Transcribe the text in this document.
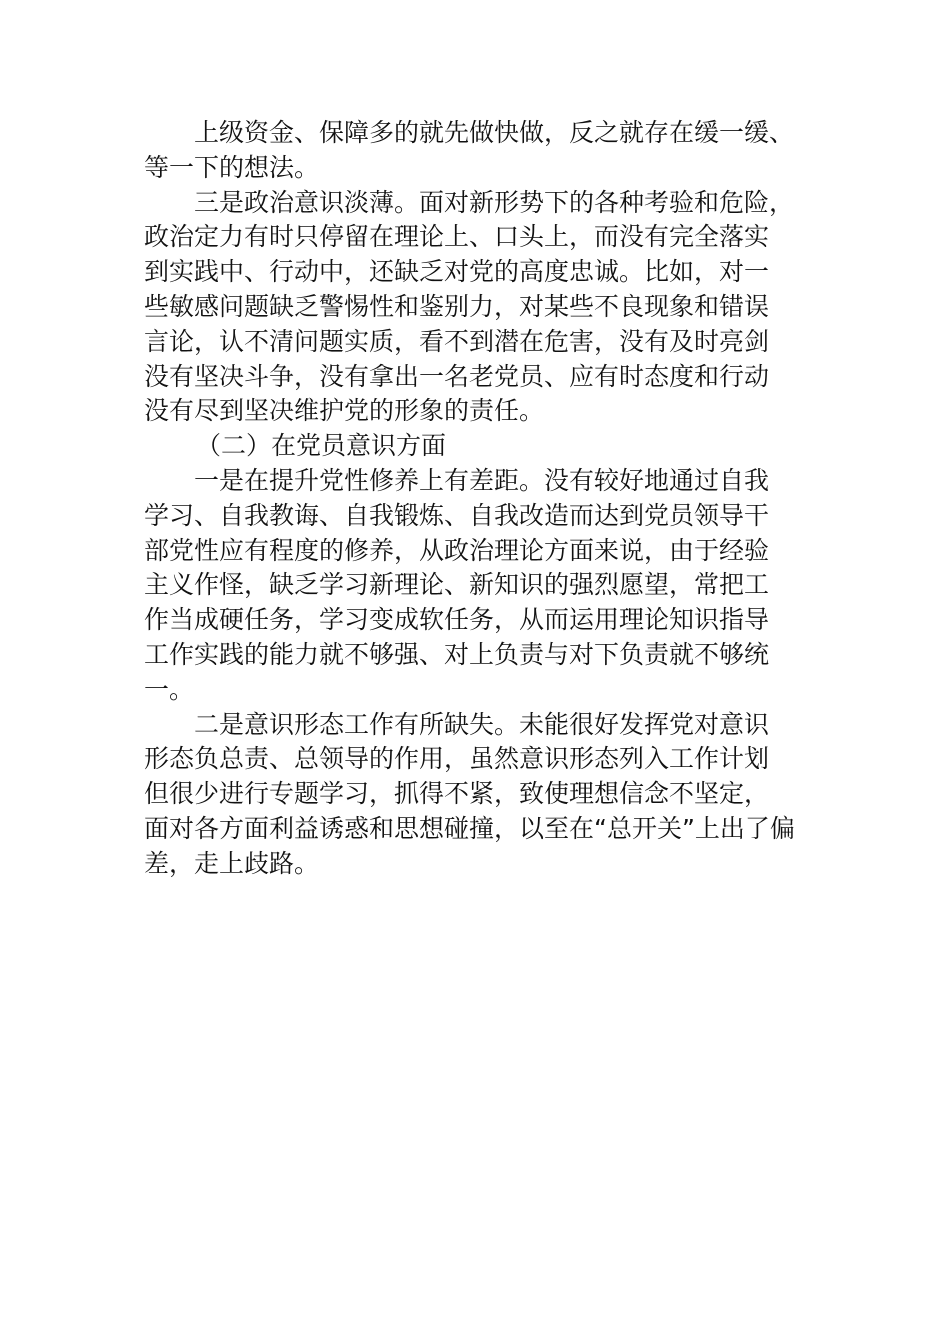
上级资金、保障多的就先做快做，反之就存在缓一缓、
等一下的想法。
三是政治意识淡薄。面对新形势下的各种考验和危险，
政治定力有时只停留在理论上、口头上，而没有完全落实
到实践中、行动中，还缺乏对党的高度忠诚。比如，对一
些敏感问题缺乏警惕性和鉴别力，对某些不良现象和错误
言论，认不清问题实质，看不到潜在危害，没有及时亮剑
没有坚决斗争，没有拿出一名老党员、应有时态度和行动
没有尽到坚决维护党的形象的责任。
（二）在党员意识方面
一是在提升党性修养上有差距。没有较好地通过自我
学习、自我教诲、自我锻炼、自我改造而达到党员领导干
部党性应有程度的修养，从政治理论方面来说，由于经验
主义作怪，缺乏学习新理论、新知识的强烈愿望，常把工
作当成硬任务，学习变成软任务，从而运用理论知识指导
工作实践的能力就不够强、对上负责与对下负责就不够统
一。
二是意识形态工作有所缺失。未能很好发挥党对意识
形态负总责、总领导的作用，虽然意识形态列入工作计划
但很少进行专题学习，抓得不紧，致使理想信念不坚定，
面对各方面利益诱惑和思想碰撞，以至在“总开关”上出了偏
差，走上歧路。
